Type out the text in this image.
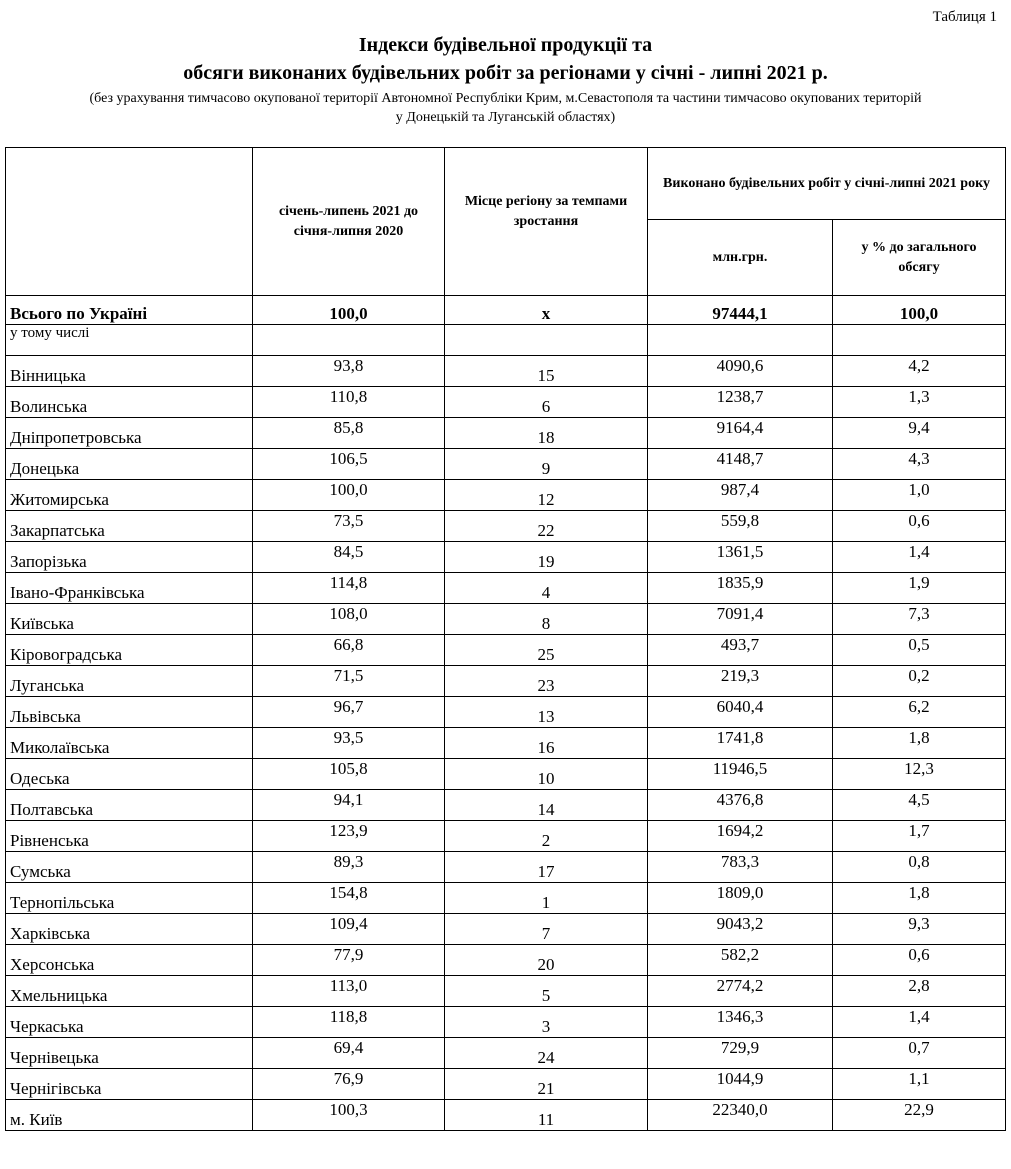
Таблиця 1
Індекси будівельної продукції та
обсяги виконаних будівельних робіт за регіонами у січні - липні 2021 р.
(без урахування тимчасово окупованої території Автономної Республіки Крим, м.Севастополя та частини тимчасово окупованих територій
у Донецькій та Луганській областях)
	січень-липень 2021 до січня-липня 2020	Місце регіону за темпами зростання	Виконано будівельних робіт у січні-липні 2021 року	
			млн.грн.	у % до загального обсягу
Всього по Україні	100,0	х	97444,1	100,0
у тому числі				
Вінницька	93,8	15	4090,6	4,2
Волинська	110,8	6	1238,7	1,3
Дніпропетровська	85,8	18	9164,4	9,4
Донецька	106,5	9	4148,7	4,3
Житомирська	100,0	12	987,4	1,0
Закарпатська	73,5	22	559,8	0,6
Запорізька	84,5	19	1361,5	1,4
Івано-Франківська	114,8	4	1835,9	1,9
Київська	108,0	8	7091,4	7,3
Кіровоградська	66,8	25	493,7	0,5
Луганська	71,5	23	219,3	0,2
Львівська	96,7	13	6040,4	6,2
Миколаївська	93,5	16	1741,8	1,8
Одеська	105,8	10	11946,5	12,3
Полтавська	94,1	14	4376,8	4,5
Рівненська	123,9	2	1694,2	1,7
Сумська	89,3	17	783,3	0,8
Тернопільська	154,8	1	1809,0	1,8
Харківська	109,4	7	9043,2	9,3
Херсонська	77,9	20	582,2	0,6
Хмельницька	113,0	5	2774,2	2,8
Черкаська	118,8	3	1346,3	1,4
Чернівецька	69,4	24	729,9	0,7
Чернігівська	76,9	21	1044,9	1,1
м. Київ	100,3	11	22340,0	22,9
